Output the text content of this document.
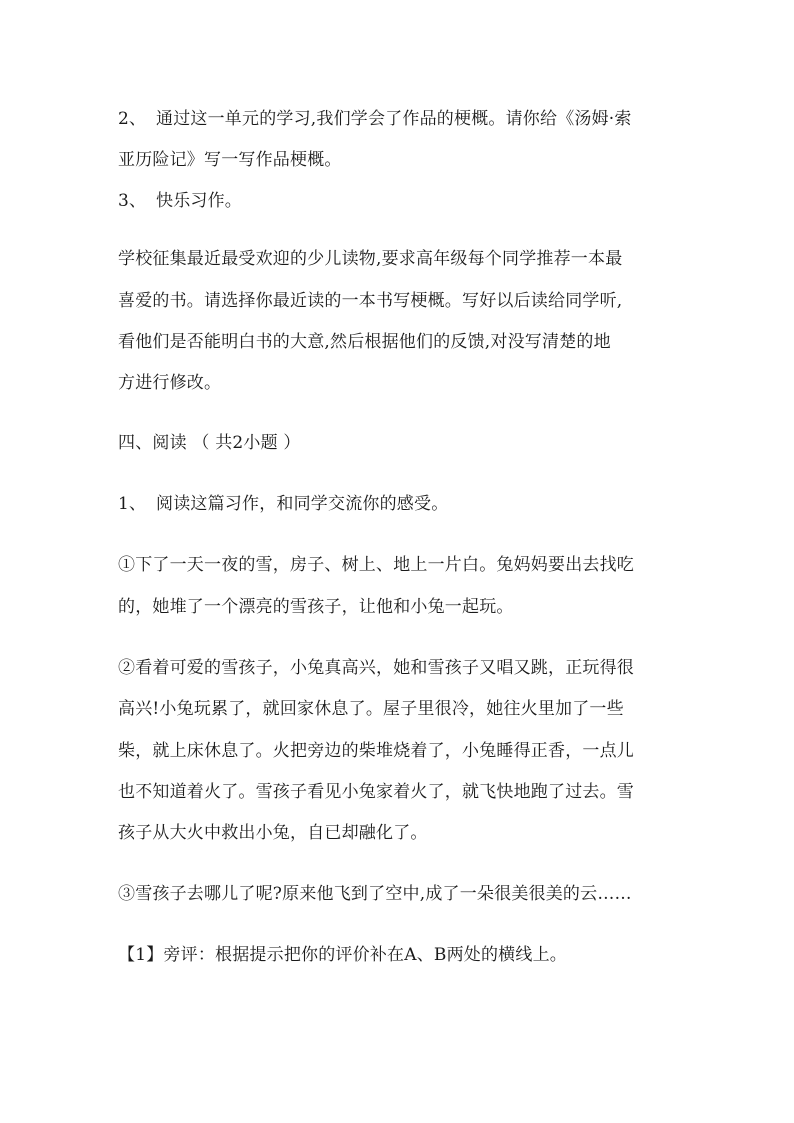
2、 通过这一单元的学习,我们学会了作品的梗概。请你给《汤姆·索
亚历险记》写一写作品梗概。
3、 快乐习作。
学校征集最近最受欢迎的少儿读物,要求高年级每个同学推荐一本最
喜爱的书。请选择你最近读的一本书写梗概。写好以后读给同学听,
看他们是否能明白书的大意,然后根据他们的反馈,对没写清楚的地
方进行修改。
四、阅读 （ 共2小题 ）
1、 阅读这篇习作，和同学交流你的感受。
①下了一天一夜的雪，房子、树上、地上一片白。兔妈妈要出去找吃
的，她堆了一个漂亮的雪孩子，让他和小兔一起玩。
②看着可爱的雪孩子，小兔真高兴，她和雪孩子又唱又跳，正玩得很
高兴!小兔玩累了，就回家休息了。屋子里很冷，她往火里加了一些
柴，就上床休息了。火把旁边的柴堆烧着了，小兔睡得正香，一点儿
也不知道着火了。雪孩子看见小兔家着火了，就飞快地跑了过去。雪
孩子从大火中救出小兔，自已却融化了。
③雪孩子去哪儿了呢?原来他飞到了空中,成了一朵很美很美的云……
【1】旁评：根据提示把你的评价补在A、B两处的横线上。
